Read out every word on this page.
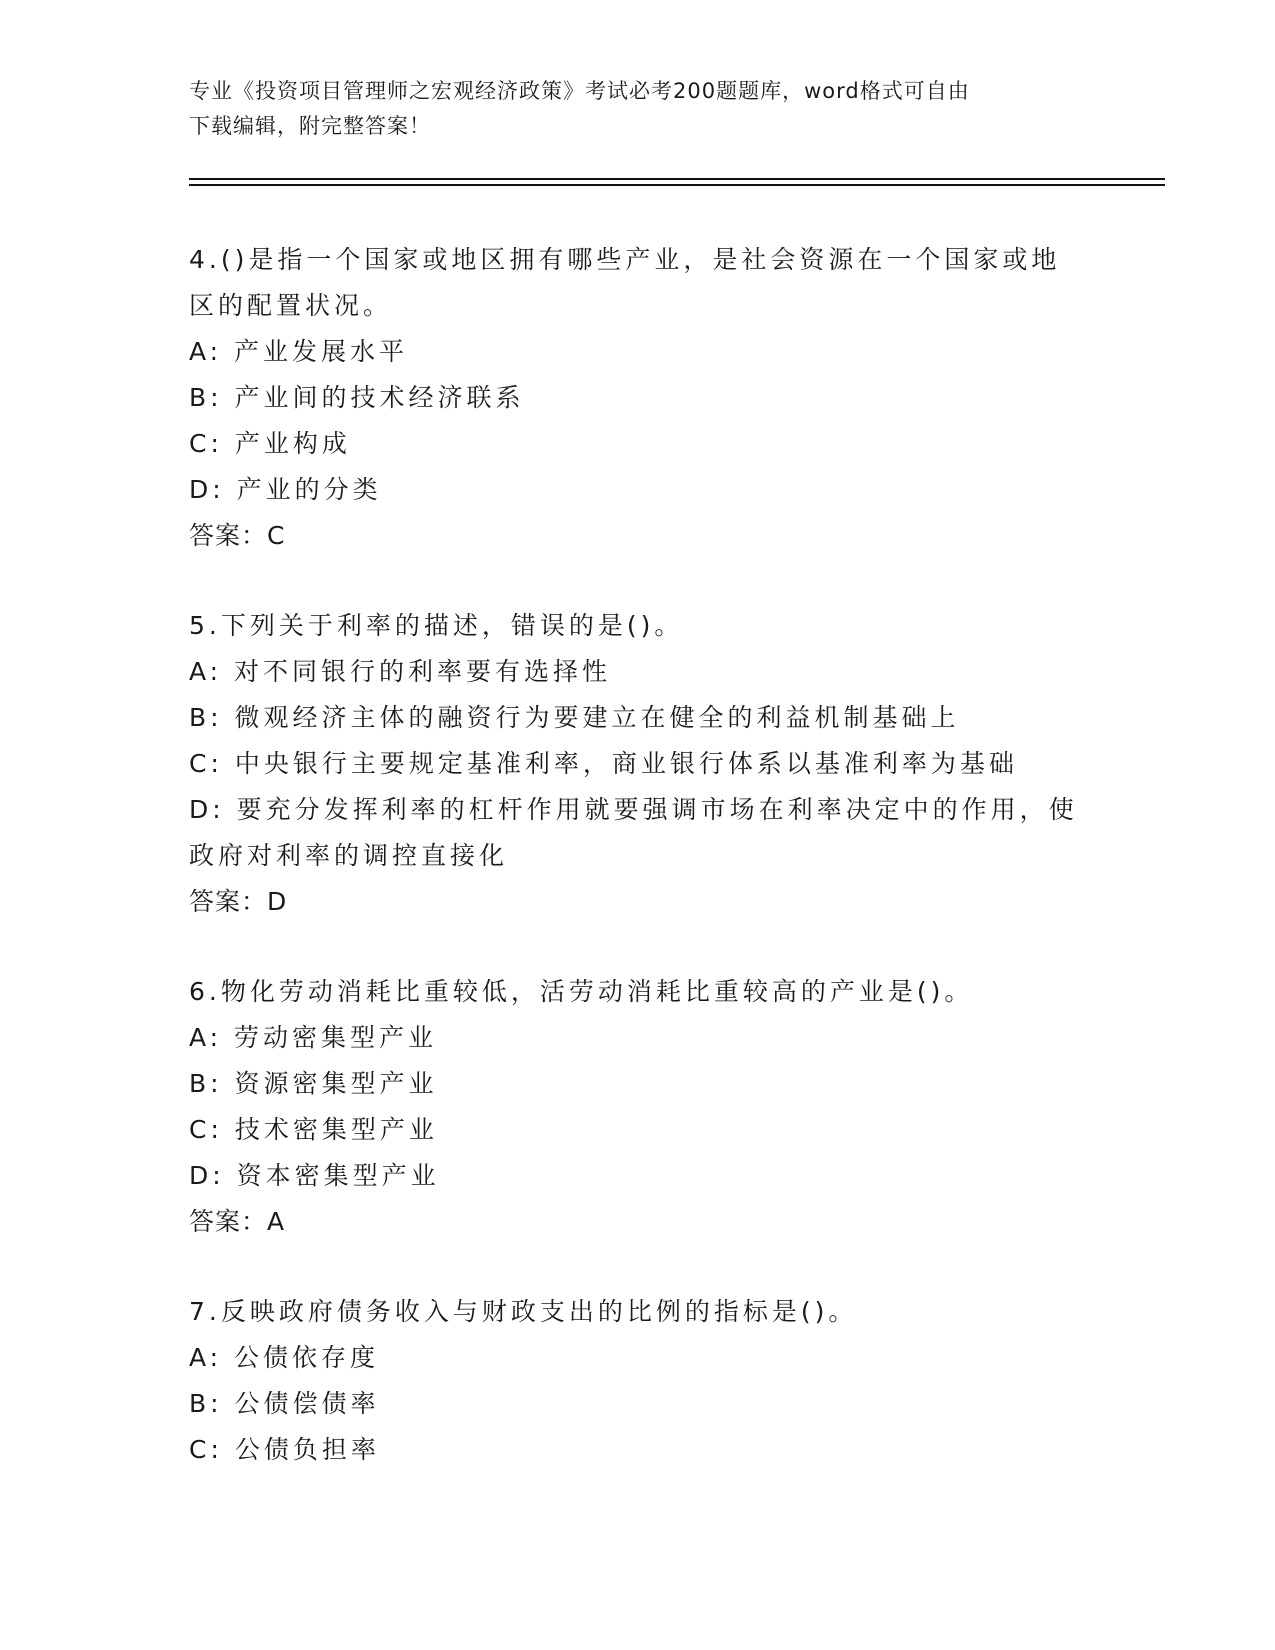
专业《投资项目管理师之宏观经济政策》考试必考200题题库，word格式可自由
下载编辑，附完整答案！
4.()是指一个国家或地区拥有哪些产业，是社会资源在一个国家或地
区的配置状况。
A: 产业发展水平
B: 产业间的技术经济联系
C: 产业构成
D: 产业的分类
答案：C
5.下列关于利率的描述，错误的是()。
A: 对不同银行的利率要有选择性
B: 微观经济主体的融资行为要建立在健全的利益机制基础上
C: 中央银行主要规定基准利率，商业银行体系以基准利率为基础
D: 要充分发挥利率的杠杆作用就要强调市场在利率决定中的作用，使
政府对利率的调控直接化
答案：D
6.物化劳动消耗比重较低，活劳动消耗比重较高的产业是()。
A: 劳动密集型产业
B: 资源密集型产业
C: 技术密集型产业
D: 资本密集型产业
答案：A
7.反映政府债务收入与财政支出的比例的指标是()。
A: 公债依存度
B: 公债偿债率
C: 公债负担率
